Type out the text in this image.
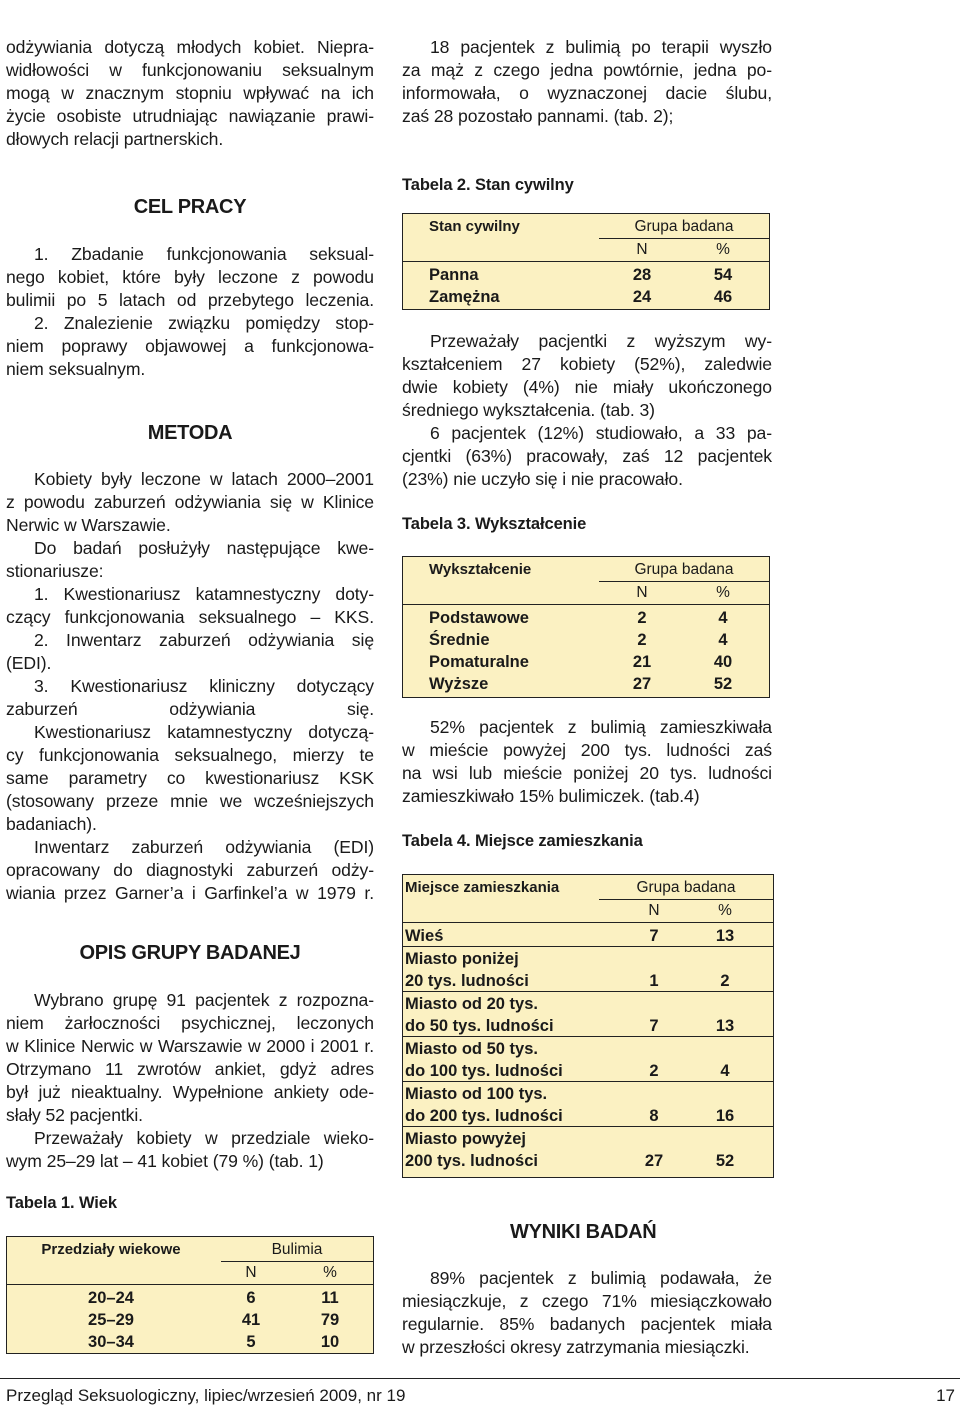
odżywiania dotyczą młodych kobiet. Niepra-
widłowości w funkcjonowaniu seksualnym
mogą w znacznym stopniu wpływać na ich
życie osobiste utrudniając nawiązanie prawi-
dłowych relacji partnerskich.
CEL PRACY
1. Zbadanie funkcjonowania seksual-
nego kobiet, które były leczone z powodu
bulimii po 5 latach od przebytego leczenia.
2. Znalezienie związku pomiędzy stop-
niem poprawy objawowej a funkcjonowa-
niem seksualnym.
METODA
Kobiety były leczone w latach 2000–2001
z powodu zaburzeń odżywiania się w Klinice
Nerwic w Warszawie.
Do badań posłużyły następujące kwe-
stionariusze:
1. Kwestionariusz katamnestyczny doty-
czący funkcjonowania seksualnego – KKS.
2. Inwentarz zaburzeń odżywiania się
(EDI).
3. Kwestionariusz kliniczny dotyczący
zaburzeń odżywiania się.
Kwestionariusz katamnestyczny dotyczą-
cy funkcjonowania seksualnego, mierzy te
same parametry co kwestionariusz KSK
(stosowany przeze mnie we wcześniejszych
badaniach).
Inwentarz zaburzeń odżywiania (EDI)
opracowany do diagnostyki zaburzeń odży-
wiania przez Garner’a i Garfinkel’a w 1979 r.
OPIS GRUPY BADANEJ
Wybrano grupę 91 pacjentek z rozpozna-
niem żarłoczności psychicznej, leczonych
w Klinice Nerwic w Warszawie w 2000 i 2001 r.
Otrzymano 11 zwrotów ankiet, gdyż adres
był już nieaktualny. Wypełnione ankiety ode-
słały 52 pacjentki.
Przeważały kobiety w przedziale wieko-
wym 25–29 lat – 41 kobiet (79 %) (tab. 1)
Tabela 1. Wiek
Przedziały wiekowe	Bulimia
N	%
20–24	6	11
25–29	41	79
30–34	5	10
18 pacjentek z bulimią po terapii wyszło
za mąż z czego jedna powtórnie, jedna po-
informowała, o wyznaczonej dacie ślubu,
zaś 28 pozostało pannami. (tab. 2);
Tabela 2. Stan cywilny
Stan cywilny	Grupa badana
N	%
Panna	28	54
Zamężna	24	46
Przeważały pacjentki z wyższym wy-
kształceniem 27 kobiety (52%), zaledwie
dwie kobiety (4%) nie miały ukończonego
średniego wykształcenia. (tab. 3)
6 pacjentek (12%) studiowało, a 33 pa-
cjentki (63%) pracowały, zaś 12 pacjentek
(23%) nie uczyło się i nie pracowało.
Tabela 3. Wykształcenie
Wykształcenie	Grupa badana
N	%
Podstawowe	2	4
Średnie	2	4
Pomaturalne	21	40
Wyższe	27	52
52% pacjentek z bulimią zamieszkiwała
w mieście powyżej 200 tys. ludności zaś
na wsi lub mieście poniżej 20 tys. ludności
zamieszkiwało 15% bulimiczek. (tab.4)
Tabela 4. Miejsce zamieszkania
Miejsce zamieszkania	Grupa badana
N	%
Wieś	7	13
Miasto poniżej
20 tys. ludności	1	2
Miasto od 20 tys.
do 50 tys. ludności	7	13
Miasto od 50 tys.
do 100 tys. ludności	2	4
Miasto od 100 tys.
do 200 tys. ludności	8	16
Miasto powyżej
200 tys. ludności	27	52
WYNIKI BADAŃ
89% pacjentek z bulimią podawała, że
miesiączkuje, z czego 71% miesiączkowało
regularnie. 85% badanych pacjentek miała
w przeszłości okresy zatrzymania miesiączki.
Przegląd Seksuologiczny, lipiec/wrzesień 2009, nr 19	17
